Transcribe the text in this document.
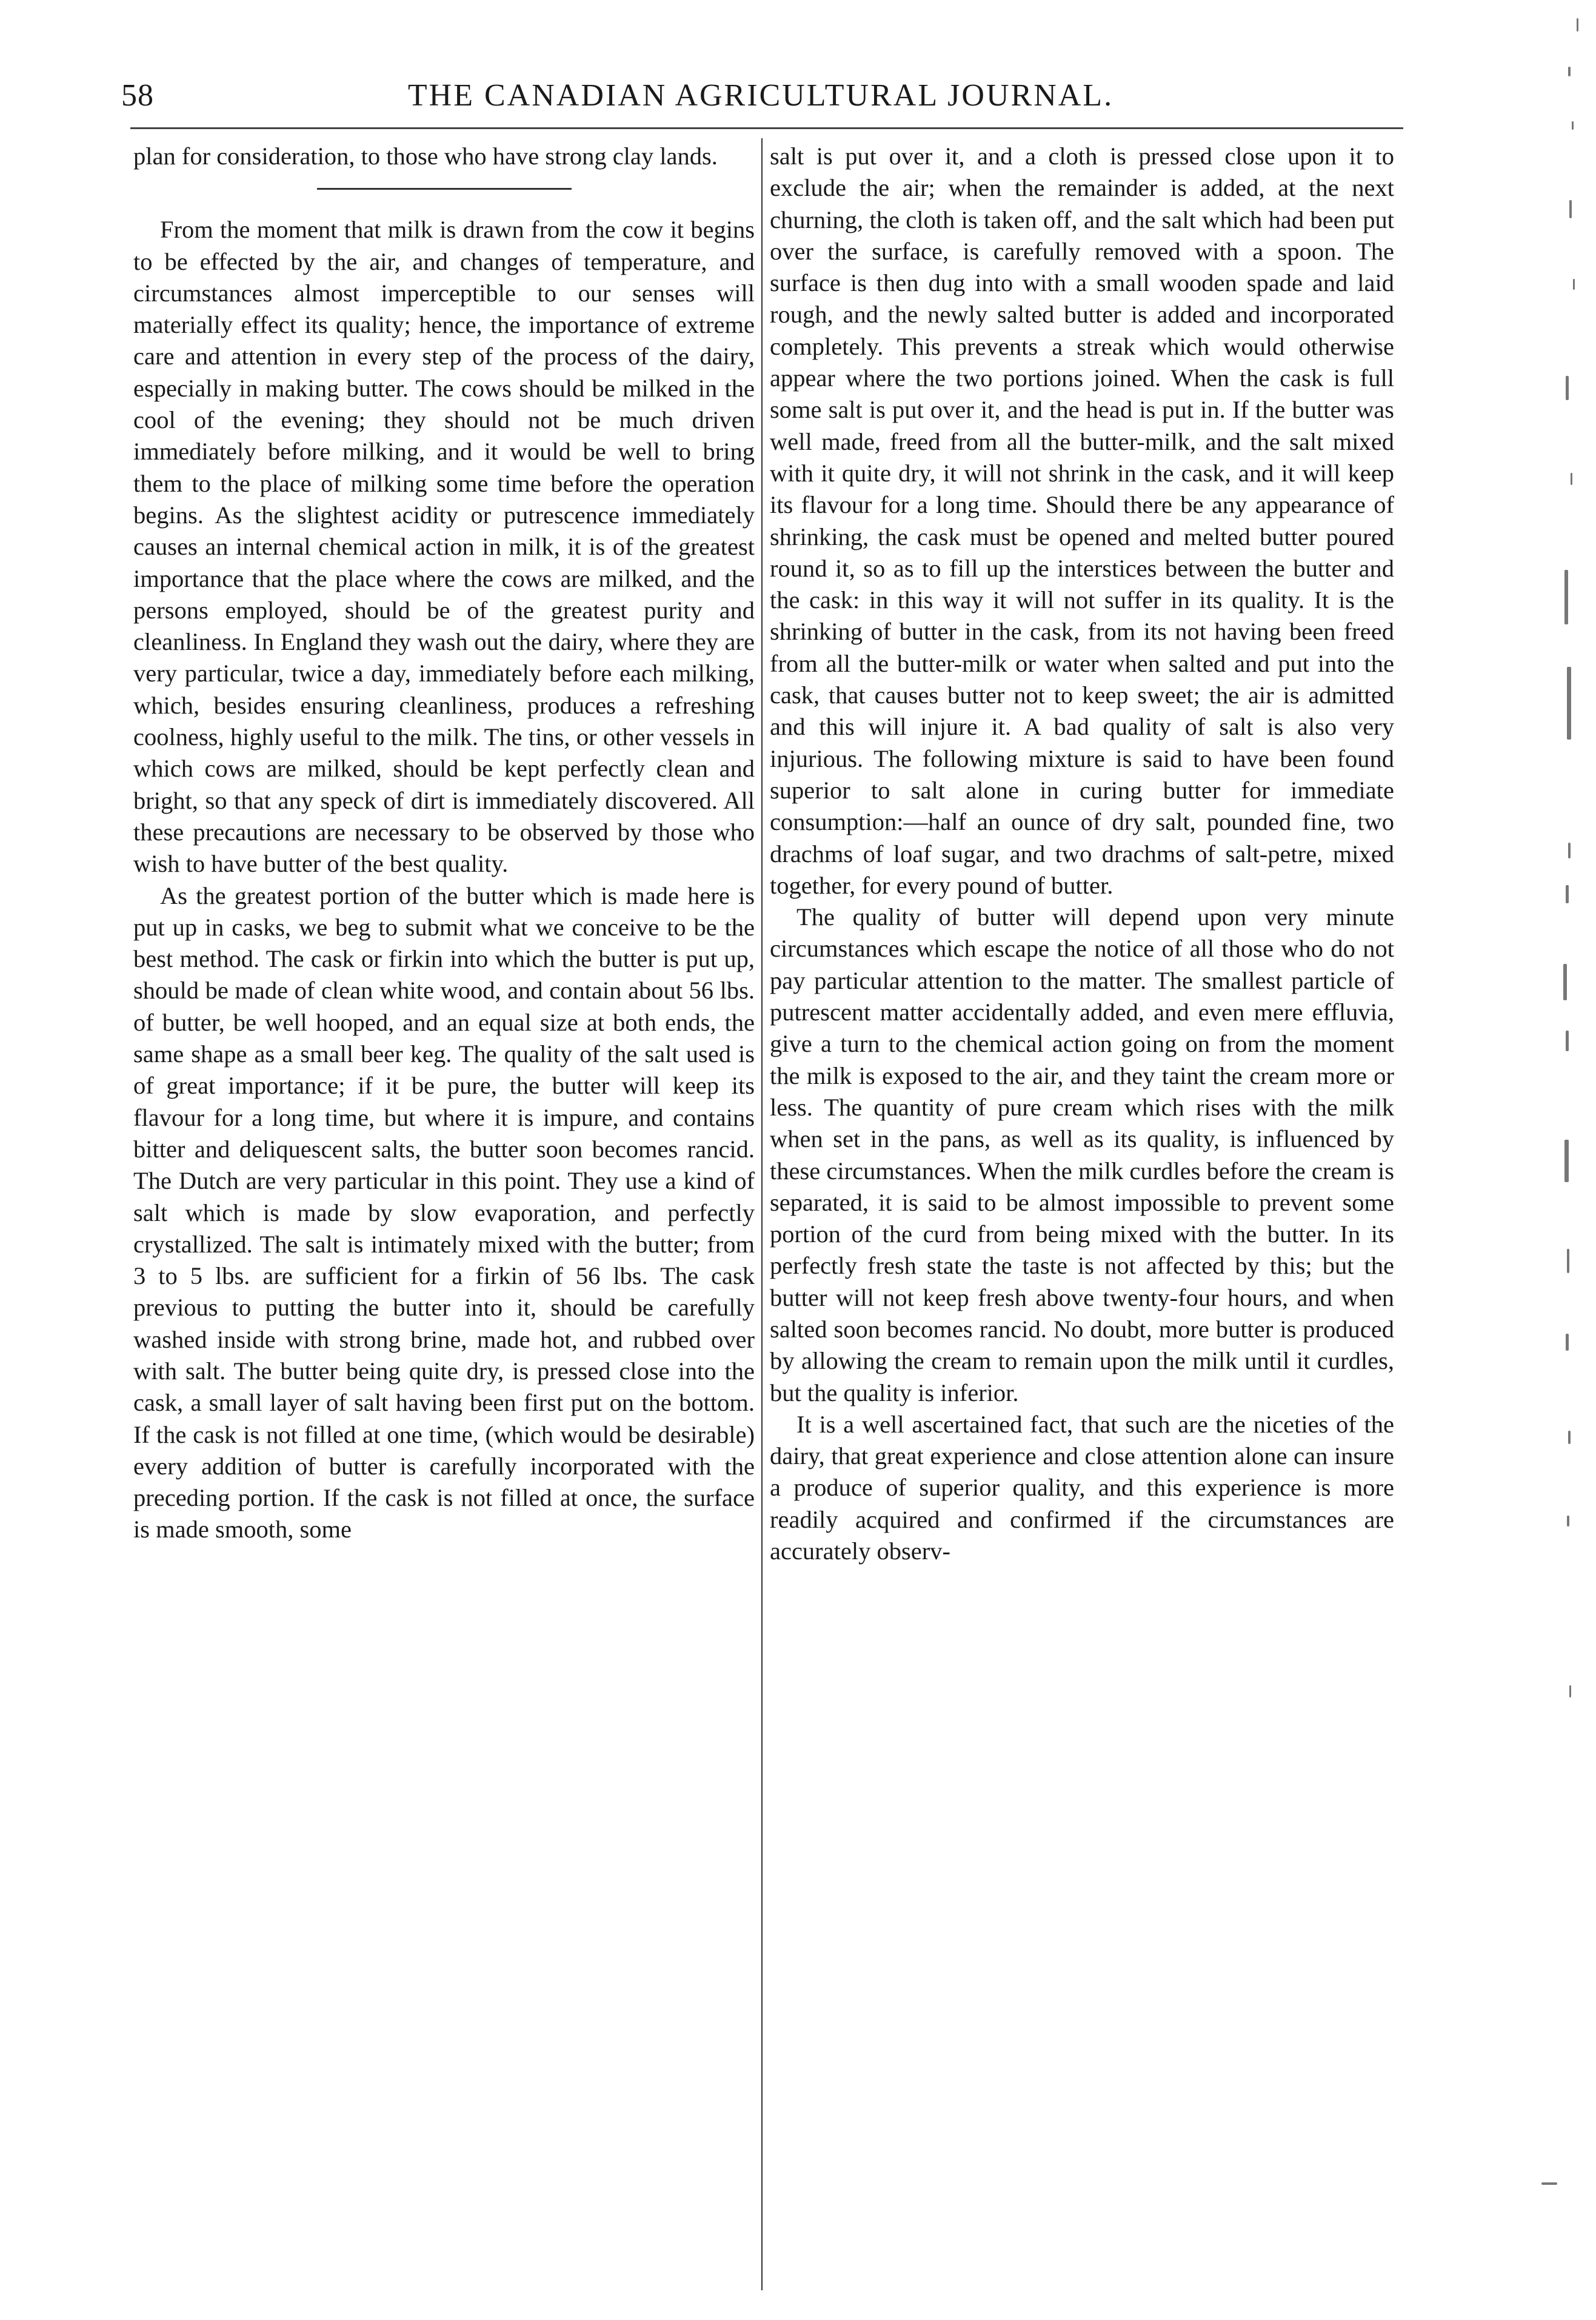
58	THE CANADIAN AGRICULTURAL JOURNAL.

plan for consideration, to those who have strong clay lands.

From the moment that milk is drawn from the cow it begins to be effected by the air, and changes of temperature, and circumstances almost imperceptible to our senses will materially effect its quality; hence, the importance of extreme care and attention in every step of the process of the dairy, especially in making butter. The cows should be milked in the cool of the evening; they should not be much driven immediately before milking, and it would be well to bring them to the place of milking some time before the operation begins. As the slightest acidity or putrescence immediately causes an internal chemical action in milk, it is of the greatest importance that the place where the cows are milked, and the persons employed, should be of the greatest purity and cleanliness. In England they wash out the dairy, where they are very particular, twice a day, immediately before each milking, which, besides ensuring cleanliness, produces a refreshing coolness, highly useful to the milk. The tins, or other vessels in which cows are milked, should be kept perfectly clean and bright, so that any speck of dirt is immediately discovered. All these precautions are necessary to be observed by those who wish to have butter of the best quality.

As the greatest portion of the butter which is made here is put up in casks, we beg to submit what we conceive to be the best method. The cask or firkin into which the butter is put up, should be made of clean white wood, and contain about 56 lbs. of butter, be well hooped, and an equal size at both ends, the same shape as a small beer keg. The quality of the salt used is of great importance; if it be pure, the butter will keep its flavour for a long time, but where it is impure, and contains bitter and deliquescent salts, the butter soon becomes rancid. The Dutch are very particular in this point. They use a kind of salt which is made by slow evaporation, and perfectly crystallized. The salt is intimately mixed with the butter; from 3 to 5 lbs. are sufficient for a firkin of 56 lbs. The cask previous to putting the butter into it, should be carefully washed inside with strong brine, made hot, and rubbed over with salt. The butter being quite dry, is pressed close into the cask, a small layer of salt having been first put on the bottom. If the cask is not filled at one time, (which would be desirable) every addition of butter is carefully incorporated with the preceding portion. If the cask is not filled at once, the surface is made smooth, some

salt is put over it, and a cloth is pressed close upon it to exclude the air; when the remainder is added, at the next churning, the cloth is taken off, and the salt which had been put over the surface, is carefully removed with a spoon. The surface is then dug into with a small wooden spade and laid rough, and the newly salted butter is added and incorporated completely. This prevents a streak which would otherwise appear where the two portions joined. When the cask is full some salt is put over it, and the head is put in. If the butter was well made, freed from all the butter-milk, and the salt mixed with it quite dry, it will not shrink in the cask, and it will keep its flavour for a long time. Should there be any appearance of shrinking, the cask must be opened and melted butter poured round it, so as to fill up the interstices between the butter and the cask: in this way it will not suffer in its quality. It is the shrinking of butter in the cask, from its not having been freed from all the butter-milk or water when salted and put into the cask, that causes butter not to keep sweet; the air is admitted and this will injure it. A bad quality of salt is also very injurious. The following mixture is said to have been found superior to salt alone in curing butter for immediate consumption:—half an ounce of dry salt, pounded fine, two drachms of loaf sugar, and two drachms of salt-petre, mixed together, for every pound of butter.

The quality of butter will depend upon very minute circumstances which escape the notice of all those who do not pay particular attention to the matter. The smallest particle of putrescent matter accidentally added, and even mere effluvia, give a turn to the chemical action going on from the moment the milk is exposed to the air, and they taint the cream more or less. The quantity of pure cream which rises with the milk when set in the pans, as well as its quality, is influenced by these circumstances. When the milk curdles before the cream is separated, it is said to be almost impossible to prevent some portion of the curd from being mixed with the butter. In its perfectly fresh state the taste is not affected by this; but the butter will not keep fresh above twenty-four hours, and when salted soon becomes rancid. No doubt, more butter is produced by allowing the cream to remain upon the milk until it curdles, but the quality is inferior.

It is a well ascertained fact, that such are the niceties of the dairy, that great experience and close attention alone can insure a produce of superior quality, and this experience is more readily acquired and confirmed if the circumstances are accurately observ-
